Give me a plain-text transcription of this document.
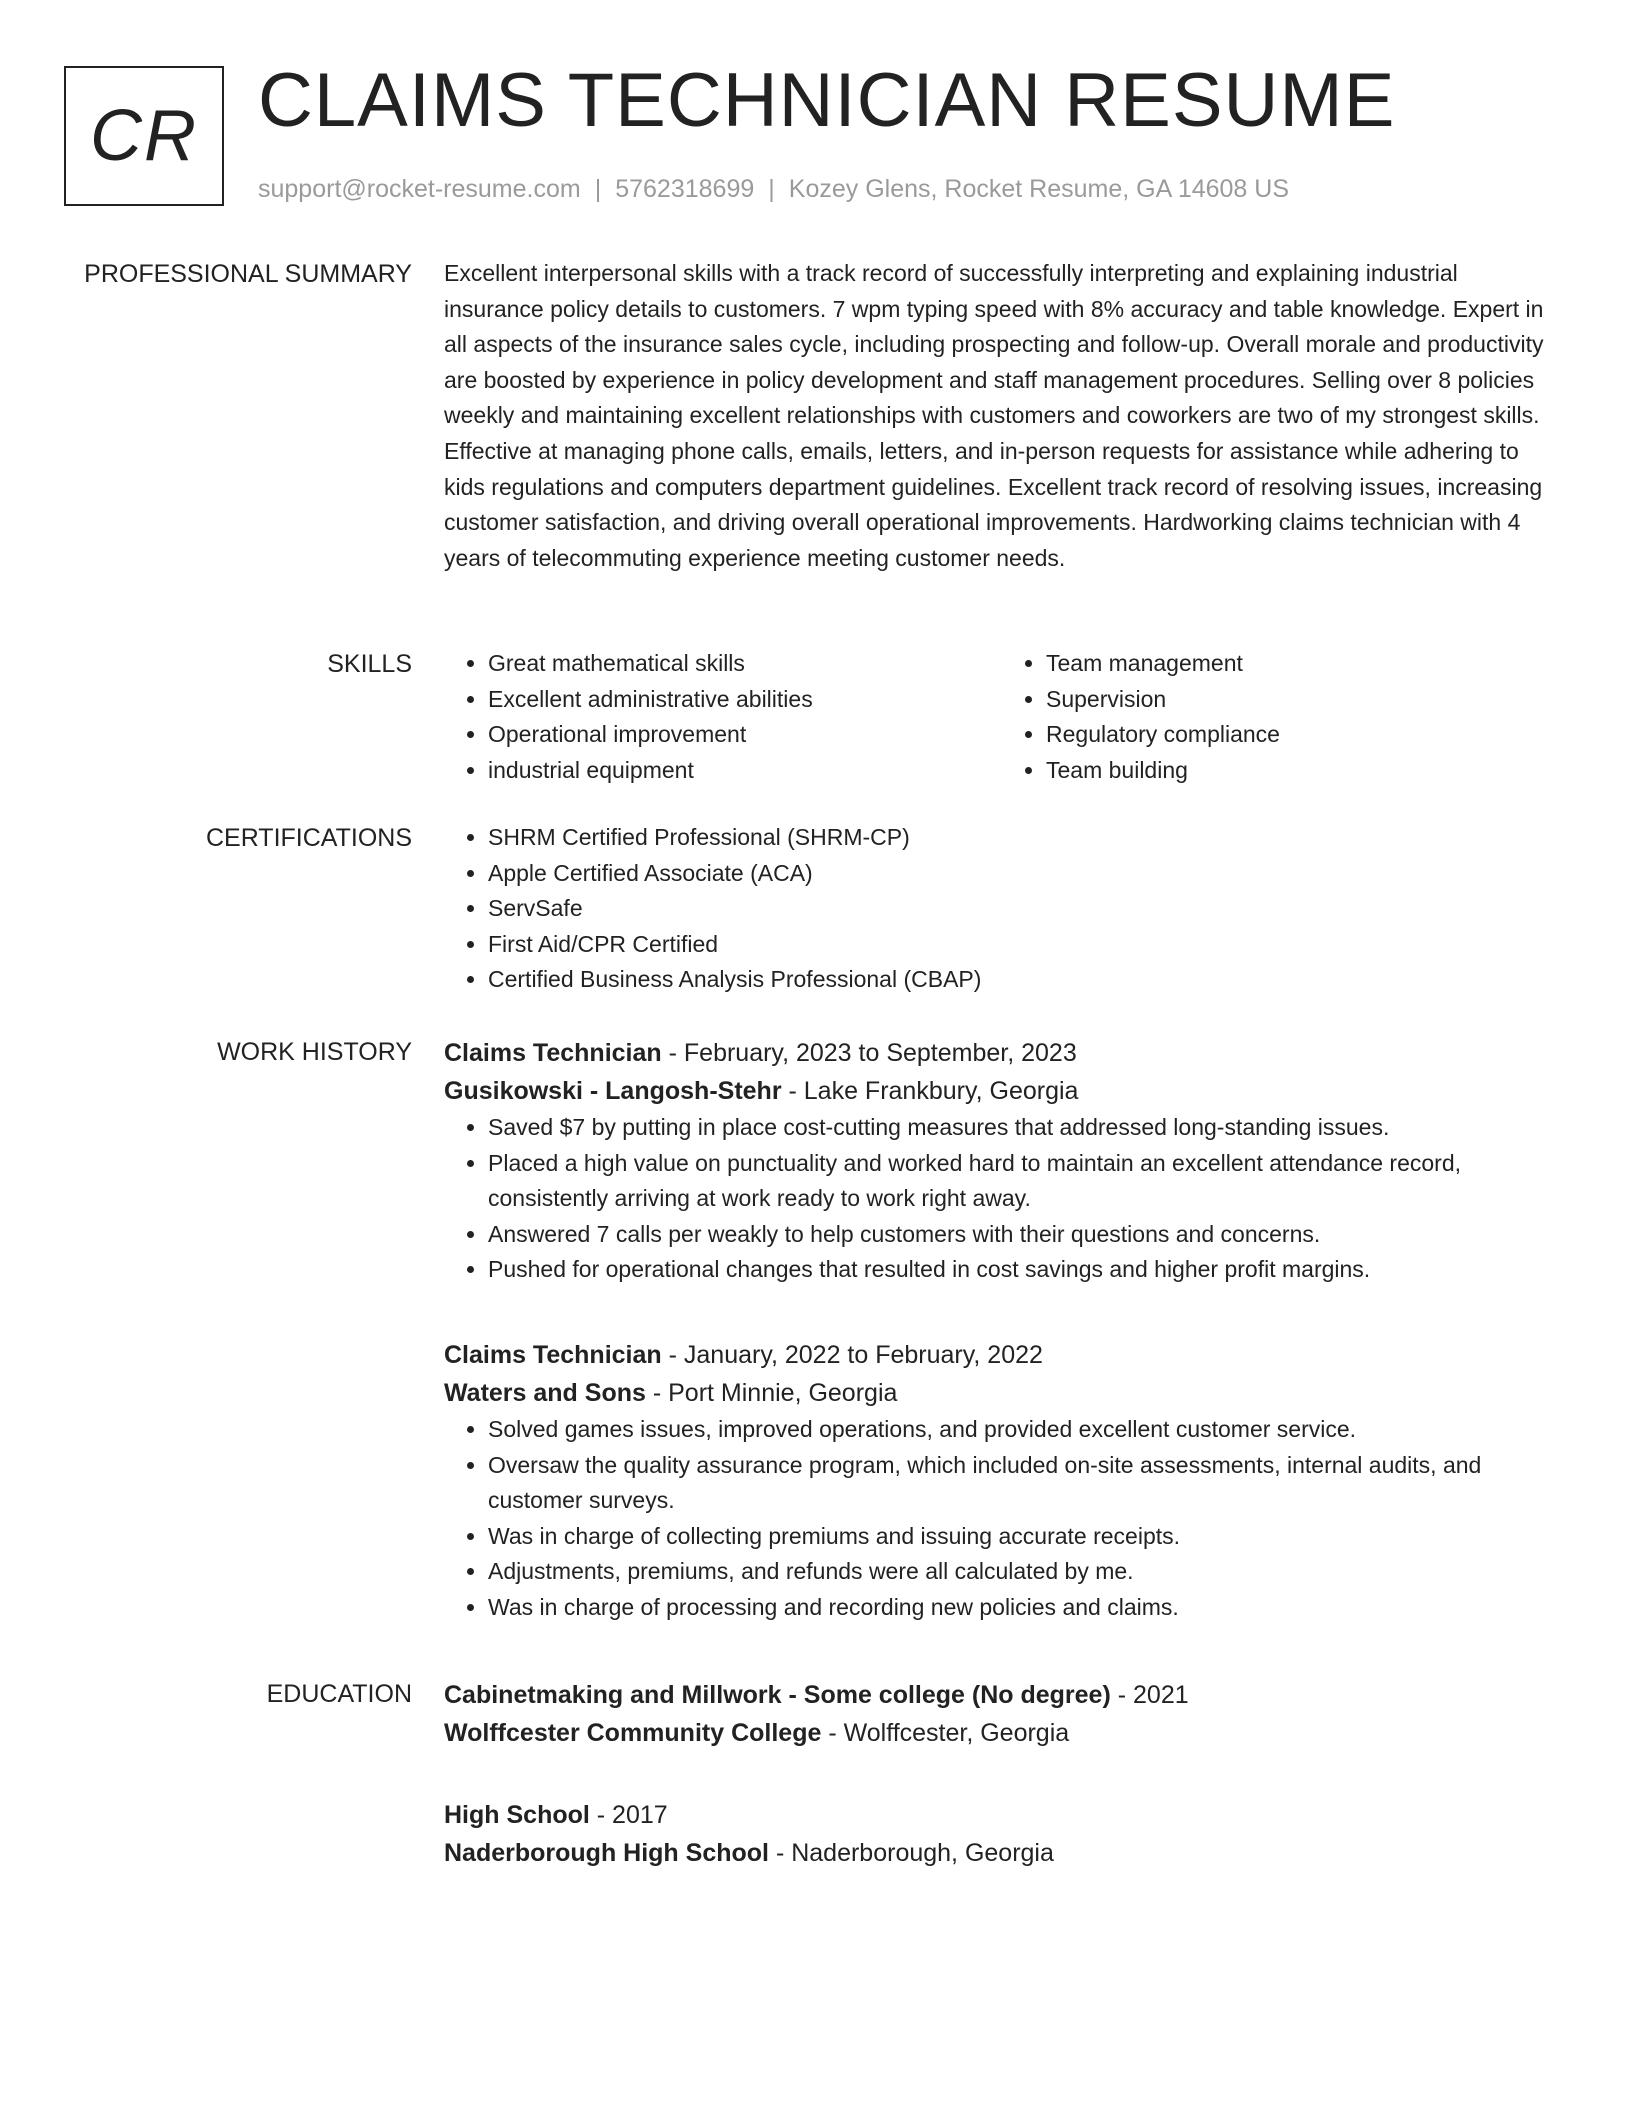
CR CLAIMS TECHNICIAN RESUME
support@rocket-resume.com | 5762318699 | Kozey Glens, Rocket Resume, GA 14608 US
PROFESSIONAL SUMMARY Excellent interpersonal skills with a track record of successfully interpreting and explaining industrial insurance policy details to customers. 7 wpm typing speed with 8% accuracy and table knowledge. Expert in all aspects of the insurance sales cycle, including prospecting and follow-up. Overall morale and productivity are boosted by experience in policy development and staff management procedures. Selling over 8 policies weekly and maintaining excellent relationships with customers and coworkers are two of my strongest skills. Effective at managing phone calls, emails, letters, and in-person requests for assistance while adhering to kids regulations and computers department guidelines. Excellent track record of resolving issues, increasing customer satisfaction, and driving overall operational improvements. Hardworking claims technician with 4 years of telecommuting experience meeting customer needs.
SKILLS	• Great mathematical skills
• Excellent administrative abilities
• Operational improvement
• industrial equipment
• Team management
• Supervision
• Regulatory compliance
• Team building
CERTIFICATIONS	• SHRM Certified Professional (SHRM-CP)
• Apple Certified Associate (ACA)
• ServSafe
• First Aid/CPR Certified
• Certified Business Analysis Professional (CBAP)
WORK HISTORY Claims Technician - February, 2023 to September, 2023
Gusikowski - Langosh-Stehr - Lake Frankbury, Georgia
• Saved $7 by putting in place cost-cutting measures that addressed long-standing issues.
• Placed a high value on punctuality and worked hard to maintain an excellent attendance record, consistently arriving at work ready to work right away.
• Answered 7 calls per weakly to help customers with their questions and concerns.
• Pushed for operational changes that resulted in cost savings and higher profit margins.
Claims Technician - January, 2022 to February, 2022
Waters and Sons - Port Minnie, Georgia
• Solved games issues, improved operations, and provided excellent customer service.
• Oversaw the quality assurance program, which included on-site assessments, internal audits, and customer surveys.
• Was in charge of collecting premiums and issuing accurate receipts.
• Adjustments, premiums, and refunds were all calculated by me.
• Was in charge of processing and recording new policies and claims.
EDUCATION Cabinetmaking and Millwork - Some college (No degree) - 2021
Wolffcester Community College - Wolffcester, Georgia
High School - 2017
Naderborough High School - Naderborough, Georgia
